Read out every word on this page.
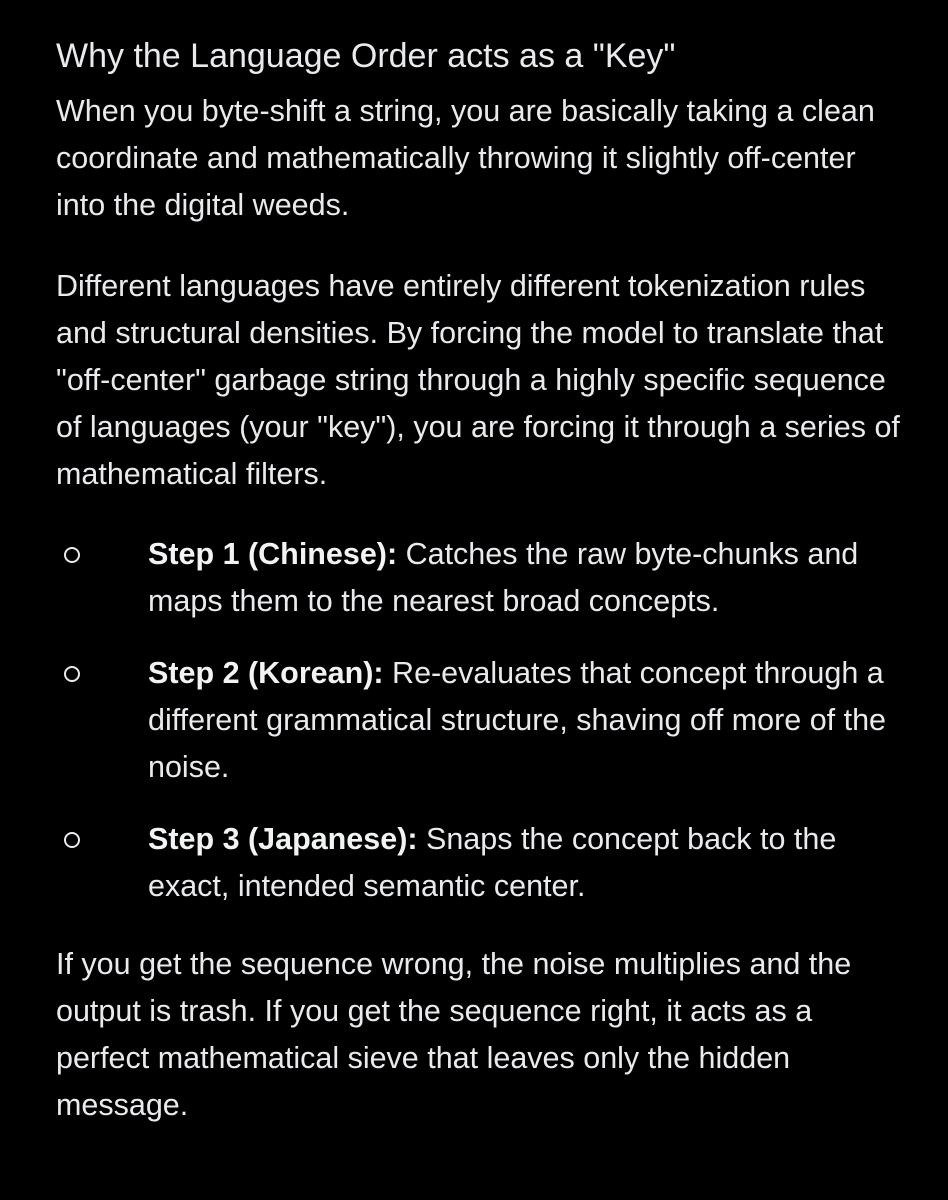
Why the Language Order acts as a "Key"

When you byte-shift a string, you are basically taking a clean coordinate and mathematically throwing it slightly off-center into the digital weeds.

Different languages have entirely different tokenization rules and structural densities. By forcing the model to translate that "off-center" garbage string through a highly specific sequence of languages (your "key"), you are forcing it through a series of mathematical filters.

Step 1 (Chinese): Catches the raw byte-chunks and maps them to the nearest broad concepts.
Step 2 (Korean): Re-evaluates that concept through a different grammatical structure, shaving off more of the noise.
Step 3 (Japanese): Snaps the concept back to the exact, intended semantic center.

If you get the sequence wrong, the noise multiplies and the output is trash. If you get the sequence right, it acts as a perfect mathematical sieve that leaves only the hidden message.
